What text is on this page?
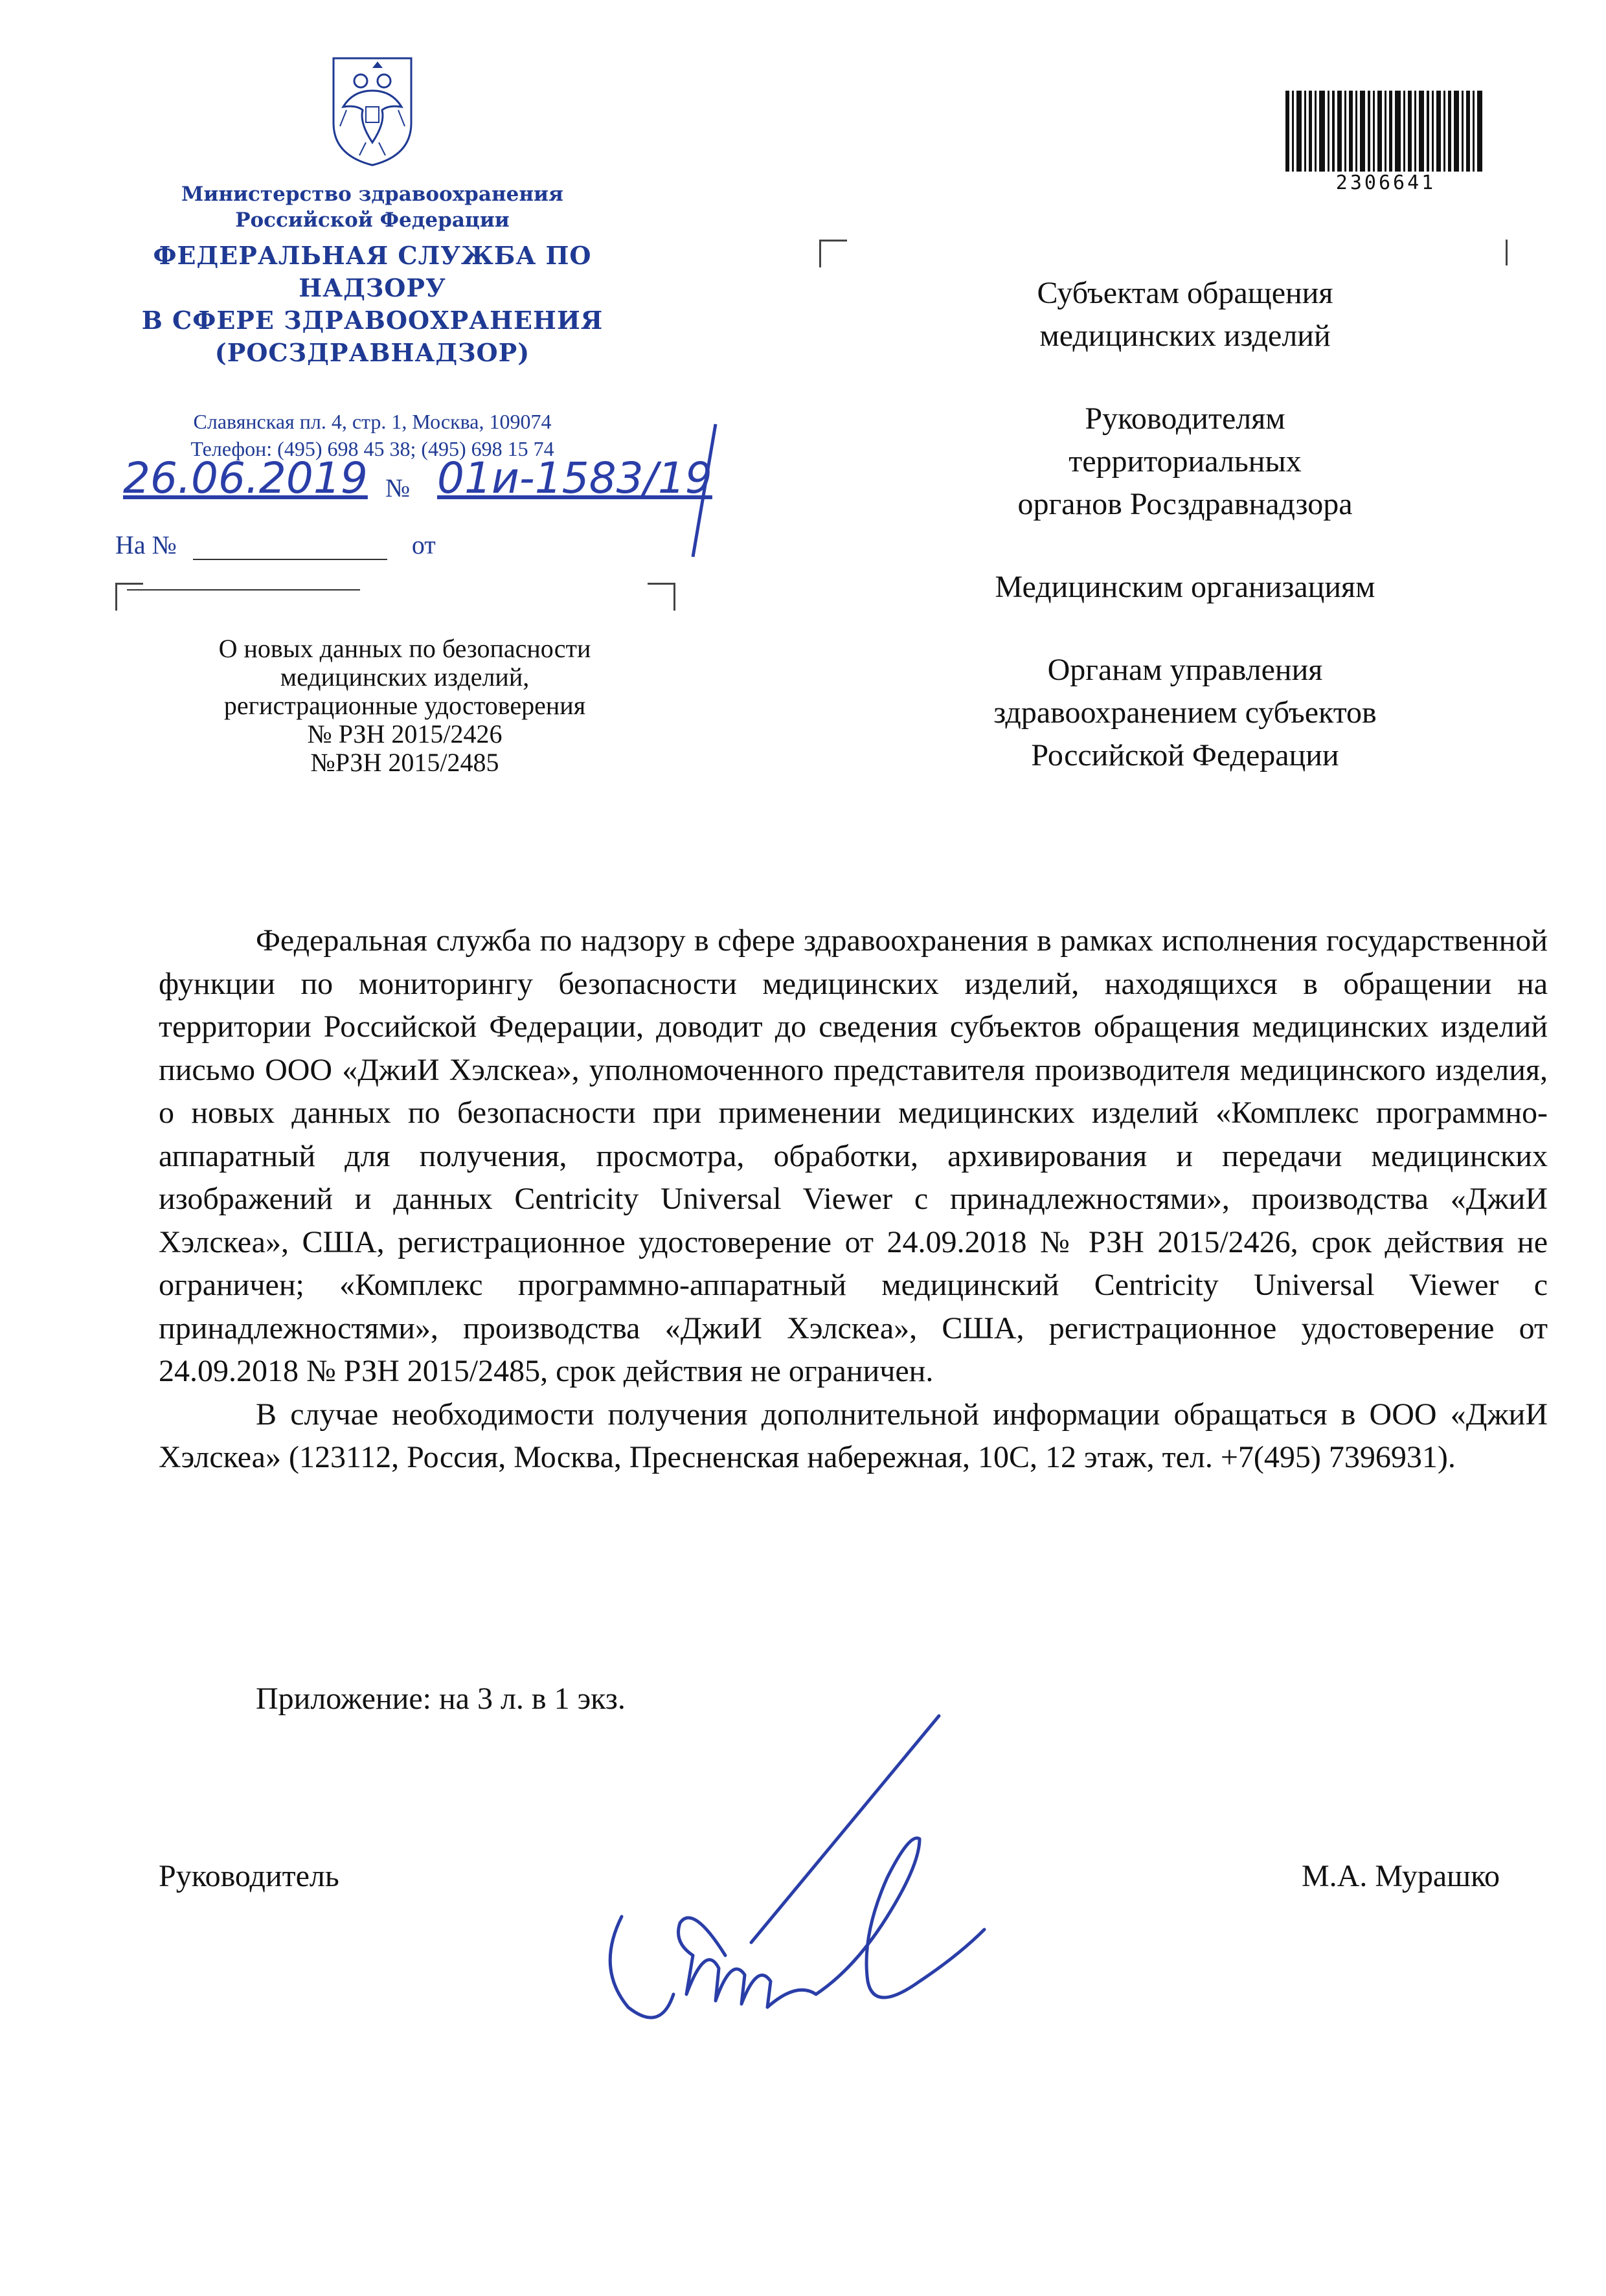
Министерство здравоохранения
Российской Федерации
ФЕДЕРАЛЬНАЯ СЛУЖБА ПО НАДЗОРУ
В СФЕРЕ ЗДРАВООХРАНЕНИЯ
(РОСЗДРАВНАДЗОР)
Славянская пл. 4, стр. 1, Москва, 109074
Телефон: (495) 698 45 38; (495) 698 15 74
26.06.2019 № 01и-1583/19
На №	от
О новых данных по безопасности
медицинских изделий,
регистрационные удостоверения
№ РЗН 2015/2426
№РЗН 2015/2485
Субъектам обращения
медицинских изделий
Руководителям
территориальных
органов Росздравнадзора
Медицинским организациям
Органам управления
здравоохранением субъектов
Российской Федерации
2306641

Федеральная служба по надзору в сфере здравоохранения в рамках исполнения государственной функции по мониторингу безопасности медицинских изделий, находящихся в обращении на территории Российской Федерации, доводит до сведения субъектов обращения медицинских изделий письмо ООО «ДжиИ Хэлскеа», уполномоченного представителя производителя медицинского изделия, о новых данных по безопасности при применении медицинских изделий «Комплекс программно-аппаратный для получения, просмотра, обработки, архивирования и передачи медицинских изображений и данных Centricity Universal Viewer с принадлежностями», производства «ДжиИ Хэлскеа», США, регистрационное удостоверение от 24.09.2018 № РЗН 2015/2426, срок действия не ограничен; «Комплекс программно-аппаратный медицинский Centricity Universal Viewer с принадлежностями», производства «ДжиИ Хэлскеа», США, регистрационное удостоверение от 24.09.2018 № РЗН 2015/2485, срок действия не ограничен.

В случае необходимости получения дополнительной информации обращаться в ООО «ДжиИ Хэлскеа» (123112, Россия, Москва, Пресненская набережная, 10С, 12 этаж, тел. +7(495) 7396931).

Приложение: на 3 л. в 1 экз.
Руководитель	М.А. Мурашко
